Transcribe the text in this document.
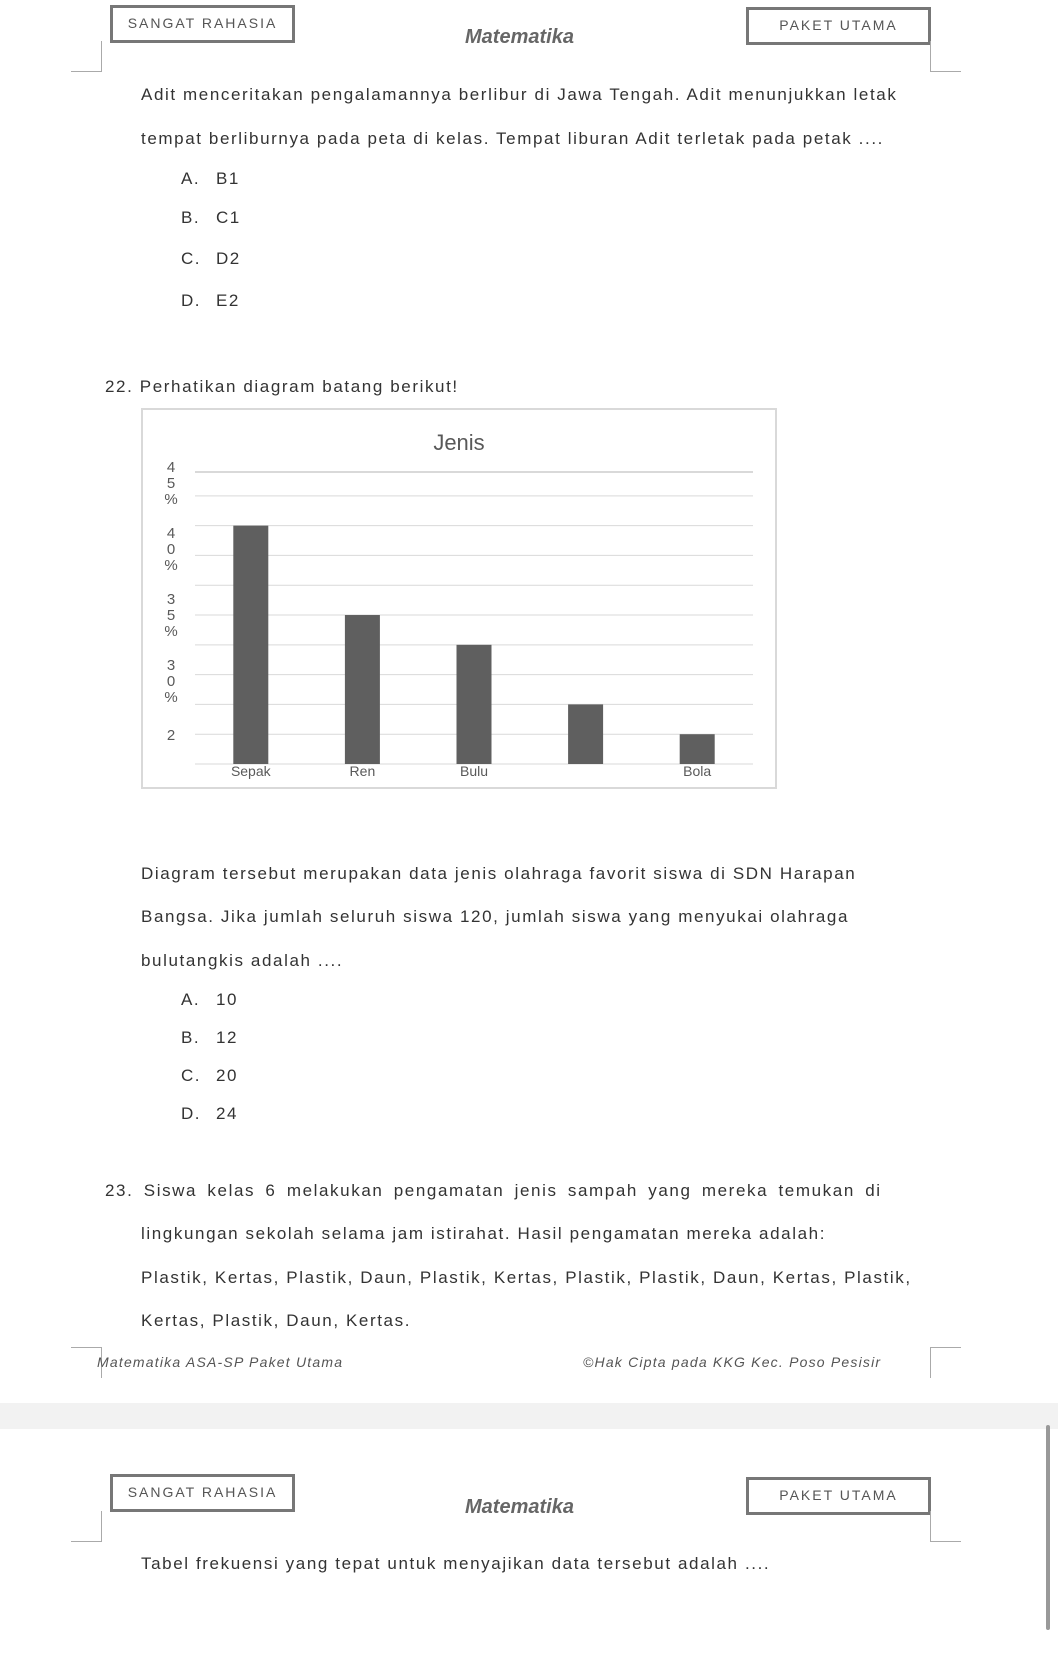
SANGAT RAHASIA
Matematika
PAKET UTAMA
Adit menceritakan pengalamannya berlibur di Jawa Tengah. Adit menunjukkan letak
tempat berliburnya pada peta di kelas. Tempat liburan Adit terletak pada petak ....
A. B1
B. C1
C. D2
D. E2
22. Perhatikan diagram batang berikut!
Jenis
4 5 %
4 0 %
3 5 %
3 0 %
2
Sepak	Ren	Bulu	Bola
Diagram tersebut merupakan data jenis olahraga favorit siswa di SDN Harapan
Bangsa. Jika jumlah seluruh siswa 120, jumlah siswa yang menyukai olahraga
bulutangkis adalah ....
A. 10
B. 12
C. 20
D. 24
23. Siswa kelas 6 melakukan pengamatan jenis sampah yang mereka temukan di
lingkungan sekolah selama jam istirahat. Hasil pengamatan mereka adalah:
Plastik, Kertas, Plastik, Daun, Plastik, Kertas, Plastik, Plastik, Daun, Kertas, Plastik,
Kertas, Plastik, Daun, Kertas.
Matematika ASA-SP Paket Utama	©Hak Cipta pada KKG Kec. Poso Pesisir
SANGAT RAHASIA
Matematika
PAKET UTAMA
Tabel frekuensi yang tepat untuk menyajikan data tersebut adalah ....
